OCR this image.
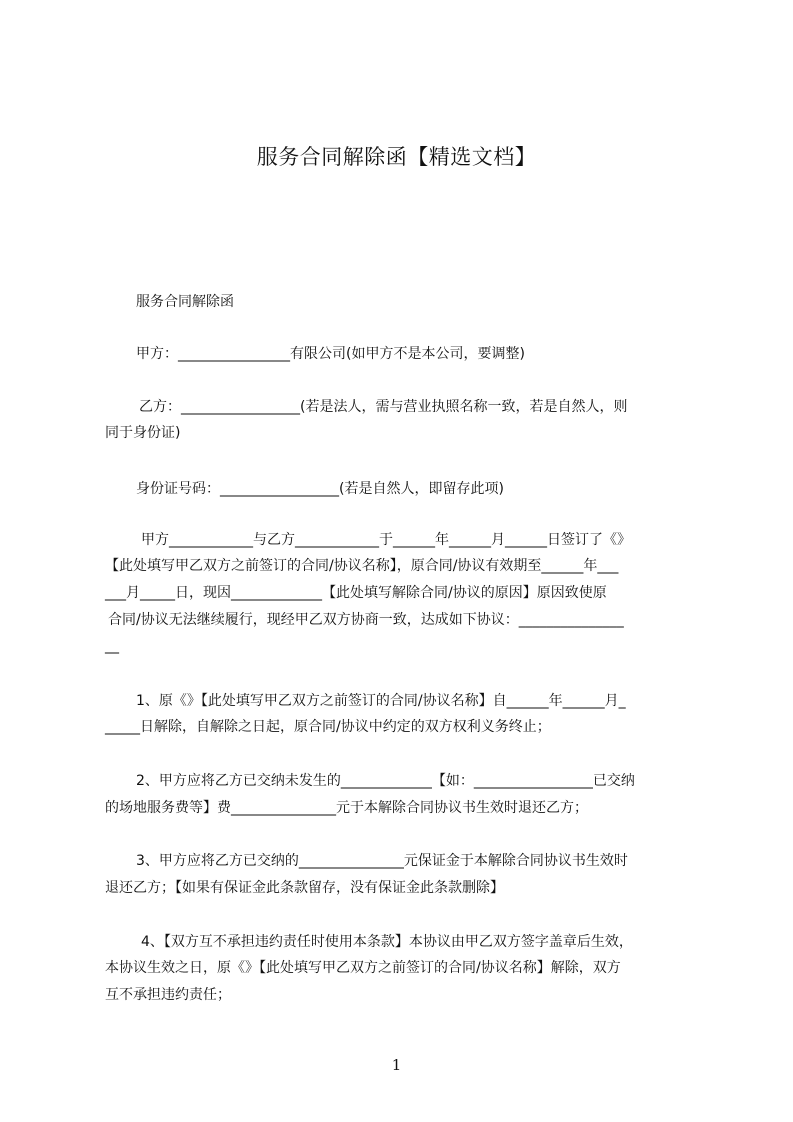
服务合同解除函【精选文档】
服务合同解除函
甲方：________________有限公司(如甲方不是本公司，要调整)
乙方：_________________(若是法人，需与营业执照名称一致，若是自然人，则
同于身份证)
身份证号码：_________________(若是自然人，即留存此项)
甲方____________与乙方____________于______年______月______日签订了《》
【此处填写甲乙双方之前签订的合同/协议名称】，原合同/协议有效期至______年___
___月_____日，现因_____________【此处填写解除合同/协议的原因】原因致使原
合同/协议无法继续履行，现经甲乙双方协商一致，达成如下协议：_______________
__
1、原《》【此处填写甲乙双方之前签订的合同/协议名称】自______年______月_
_____日解除，自解除之日起，原合同/协议中约定的双方权利义务终止；
2、甲方应将乙方已交纳未发生的_____________【如：_________________已交纳
的场地服务费等】费_______________元于本解除合同协议书生效时退还乙方；
3、甲方应将乙方已交纳的_______________元保证金于本解除合同协议书生效时
退还乙方；【如果有保证金此条款留存，没有保证金此条款删除】
4、【双方互不承担违约责任时使用本条款】本协议由甲乙双方签字盖章后生效，
本协议生效之日，原《》【此处填写甲乙双方之前签订的合同/协议名称】解除，双方
互不承担违约责任；
1
